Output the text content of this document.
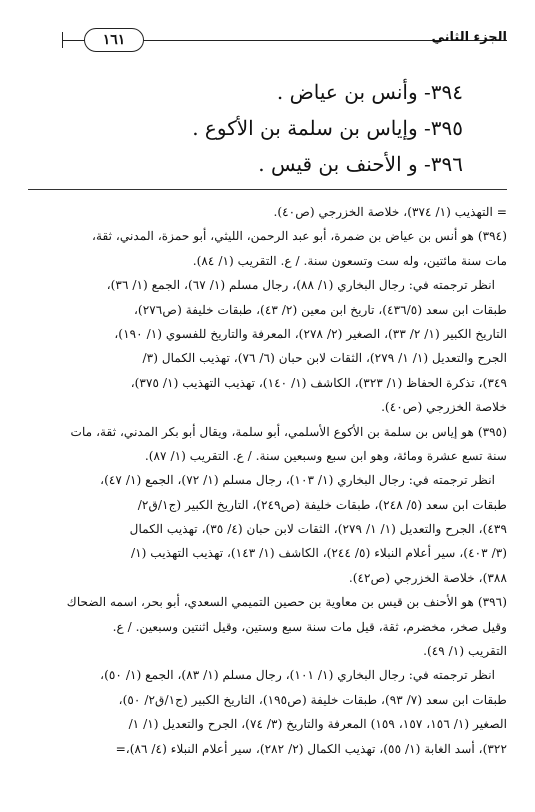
الجزء الثاني
١٦١
٣٩٤- وأنس بن عياض .
٣٩٥- وإياس بن سلمة بن الأكوع .
٣٩٦- و الأحنف بن قيس .
= التهذيب (١/ ٣٧٤)، خلاصة الخزرجي (ص٤٠).
(٣٩٤) هو أنس بن عياض بن ضمرة، أبو عبد الرحمن، الليثي، أبو حمزة، المدني، ثقة،
مات سنة مائتين، وله ست وتسعون سنة. / ع. التقريب (١/ ٨٤).
انظر ترجمته في: رجال البخاري (١/ ٨٨)، رجال مسلم (١/ ٦٧)، الجمع (١/ ٣٦)،
طبقات ابن سعد (٤٣٦/٥)، تاريخ ابن معين (٢/ ٤٣)، طبقات خليفة (ص٢٧٦)،
التاريخ الكبير (١/ ٢/ ٣٣)، الصغير (٢/ ٢٧٨)، المعرفة والتاريخ للفسوي (١/ ١٩٠)،
الجرح والتعديل (١/ ١/ ٢٧٩)، الثقات لابن حبان (٦/ ٧٦)، تهذيب الكمال (٣/
٣٤٩)، تذكرة الحفاظ (١/ ٣٢٣)، الكاشف (١/ ١٤٠)، تهذيب التهذيب (١/ ٣٧٥)،
خلاصة الخزرجي (ص٤٠).
(٣٩٥) هو إياس بن سلمة بن الأكوع الأسلمي، أبو سلمة، ويقال أبو بكر المدني، ثقة، مات
سنة تسع عشرة ومائة، وهو ابن سبع وسبعين سنة. / ع. التقريب (١/ ٨٧).
انظر ترجمته في: رجال البخاري (١/ ١٠٣)، رجال مسلم (١/ ٧٢)، الجمع (١/ ٤٧)،
طبقات ابن سعد (٥/ ٢٤٨)، طبقات خليفة (ص٢٤٩)، التاريخ الكبير (ج١/ق٢/
٤٣٩)، الجرح والتعديل (١/ ١/ ٢٧٩)، الثقات لابن حبان (٤/ ٣٥)، تهذيب الكمال
(٣/ ٤٠٣)، سير أعلام النبلاء (٥/ ٢٤٤)، الكاشف (١/ ١٤٣)، تهذيب التهذيب (١/
٣٨٨)، خلاصة الخزرجي (ص٤٢).
(٣٩٦) هو الأحنف بن قيس بن معاوية بن حصين التميمي السعدي، أبو بحر، اسمه الضحاك
وقيل صخر، مخضرم، ثقة، قيل مات سنة سبع وستين، وقيل اثنتين وسبعين. / ع.
التقريب (١/ ٤٩).
انظر ترجمته في: رجال البخاري (١/ ١٠١)، رجال مسلم (١/ ٨٣)، الجمع (١/ ٥٠)،
طبقات ابن سعد (٧/ ٩٣)، طبقات خليفة (ص١٩٥)، التاريخ الكبير (ج١/ق٢/ ٥٠)،
الصغير (١/ ١٥٦، ١٥٧، ١٥٩) المعرفة والتاريخ (٣/ ٧٤)، الجرح والتعديل (١/ ١/
٣٢٢)، أسد الغابة (١/ ٥٥)، تهذيب الكمال (٢/ ٢٨٢)، سير أعلام النبلاء (٤/ ٨٦)،=
